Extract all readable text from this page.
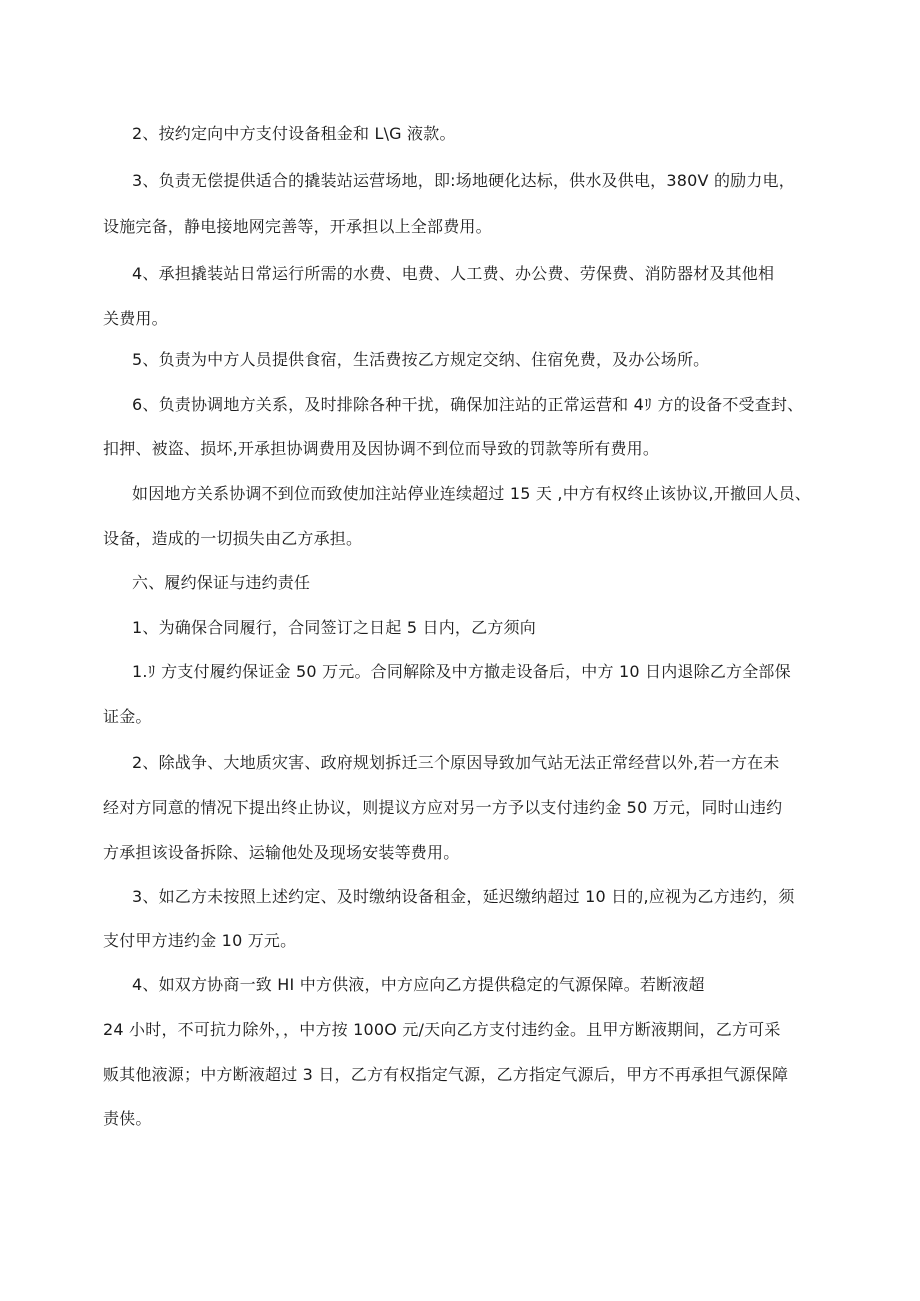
2、按约定向中方支付设备租金和 L\G 液款。
3、负责无偿提供适合的撬装站运营场地，即:场地硬化达标，供水及供电，380V 的励力电，
设施完备，静电接地网完善等，开承担以上全部费用。
4、承担撬装站日常运行所需的水费、电费、人工费、办公费、劳保费、消防器材及其他相
关费用。
5、负责为中方人员提供食宿，生活费按乙方规定交纳、住宿免费，及办公场所。
6、负责协调地方关系，及时排除各种干扰，确保加注站的正常运营和 4ﾘ 方的设备不受查封、
扣押、被盗、损坏,开承担协调费用及因协调不到位而导致的罚款等所有费用。
如因地方关系协调不到位而致使加注站停业连续超过 15 天 ,中方有权终止该协议,开撤回人员、
设备，造成的一切损失由乙方承担。
六、履约保证与违约责任
1、为确保合同履行，合同签订之日起 5 日内，乙方须向
1.ﾘ 方支付履约保证金 50 万元。合同解除及中方撤走设备后，中方 10 日内退除乙方全部保
证金。
2、除战争、大地质灾害、政府规划拆迁三个原因导致加气站无法正常经营以外,若一方在未
经对方同意的情况下提出终止协议，则提议方应对另一方予以支付违约金 50 万元，同时山违约
方承担该设备拆除、运输他处及现场安装等费用。
3、如乙方未按照上述约定、及时缴纳设备租金，延迟缴纳超过 10 日的,应视为乙方违约，须
支付甲方违约金 10 万元。
4、如双方协商一致 HI 中方供液，中方应向乙方提供稳定的气源保障。若断液超
24 小时，不可抗力除外，，中方按 100O 元/天向乙方支付违约金。且甲方断液期间，乙方可采
贩其他液源；中方断液超过 3 日，乙方有权指定气源，乙方指定气源后，甲方不再承担气源保障
责侠。
